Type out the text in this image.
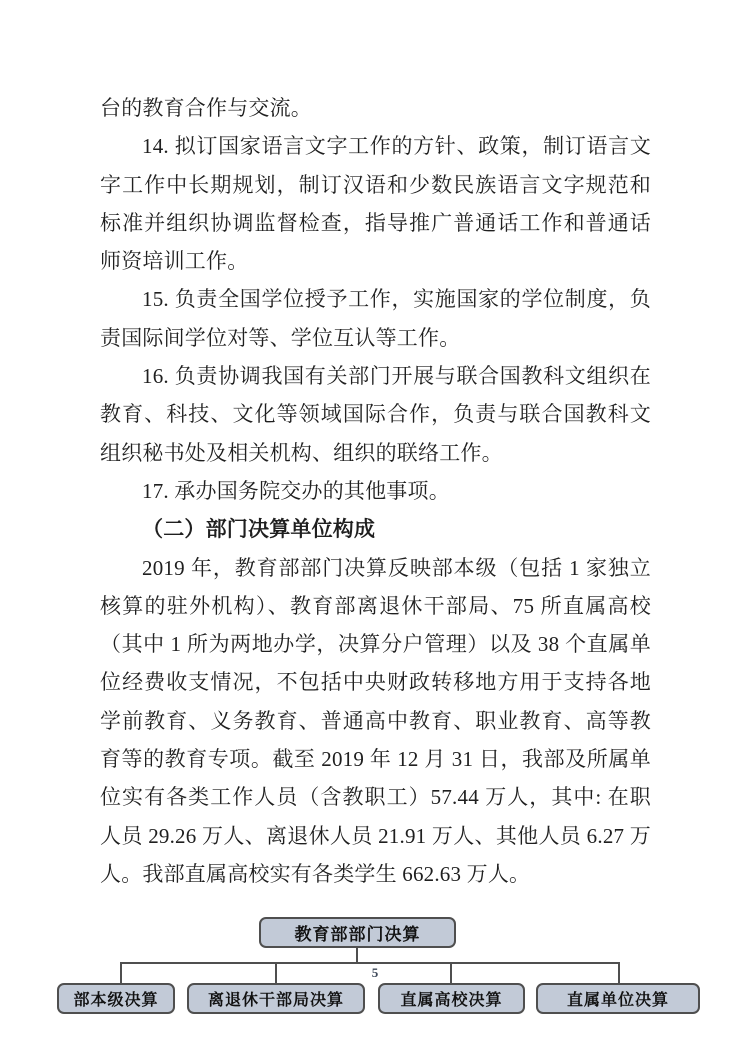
台的教育合作与交流。

14. 拟订国家语言文字工作的方针、政策，制订语言文字工作中长期规划，制订汉语和少数民族语言文字规范和标准并组织协调监督检查，指导推广普通话工作和普通话师资培训工作。

15. 负责全国学位授予工作，实施国家的学位制度，负责国际间学位对等、学位互认等工作。

16. 负责协调我国有关部门开展与联合国教科文组织在教育、科技、文化等领域国际合作，负责与联合国教科文组织秘书处及相关机构、组织的联络工作。

17. 承办国务院交办的其他事项。

（二）部门决算单位构成

2019 年，教育部部门决算反映部本级（包括 1 家独立核算的驻外机构）、教育部离退休干部局、75 所直属高校（其中 1 所为两地办学，决算分户管理）以及 38 个直属单位经费收支情况，不包括中央财政转移地方用于支持各地学前教育、义务教育、普通高中教育、职业教育、高等教育等的教育专项。截至 2019 年 12 月 31 日，我部及所属单位实有各类工作人员（含教职工）57.44 万人，其中: 在职人员 29.26 万人、离退休人员 21.91 万人、其他人员 6.27 万人。我部直属高校实有各类学生 662.63 万人。

教育部部门决算
部本级决算	离退休干部局决算	直属高校决算	直属单位决算
5
